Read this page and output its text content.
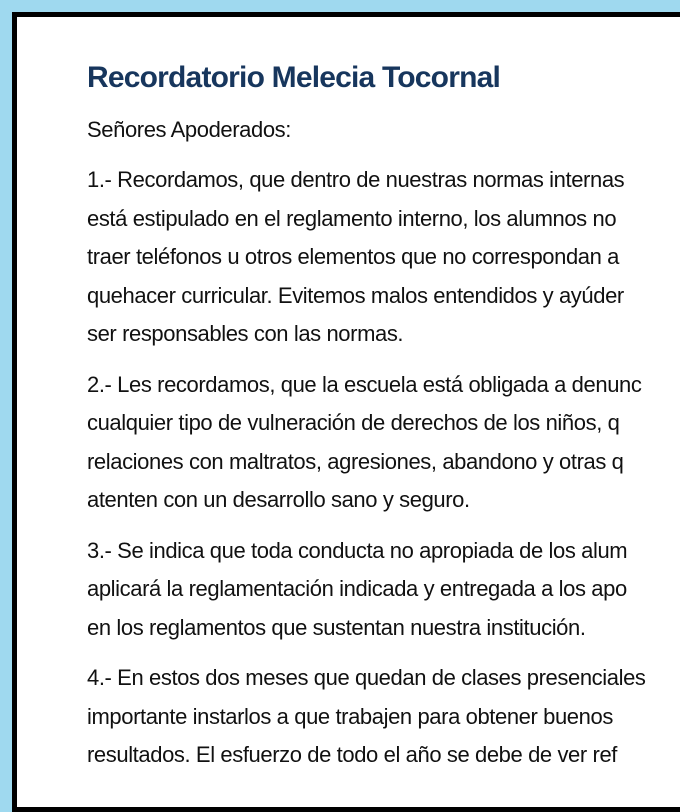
Recordatorio Melecia Tocornal

Señores Apoderados:

1.- Recordamos, que dentro de nuestras normas internas
está estipulado en el reglamento interno, los alumnos no
traer teléfonos u otros elementos que no correspondan a
quehacer curricular. Evitemos malos entendidos y ayúder
ser responsables con las normas.
2.- Les recordamos, que la escuela está obligada a denunc
cualquier tipo de vulneración de derechos de los niños, q
relaciones con maltratos, agresiones, abandono y otras q
atenten con un desarrollo sano y seguro.
3.- Se indica que toda conducta no apropiada de los alum
aplicará la reglamentación indicada y entregada a los apo
en los reglamentos que sustentan nuestra institución.
4.- En estos dos meses que quedan de clases presenciales
importante instarlos a que trabajen para obtener buenos
resultados. El esfuerzo de todo el año se debe de ver ref
